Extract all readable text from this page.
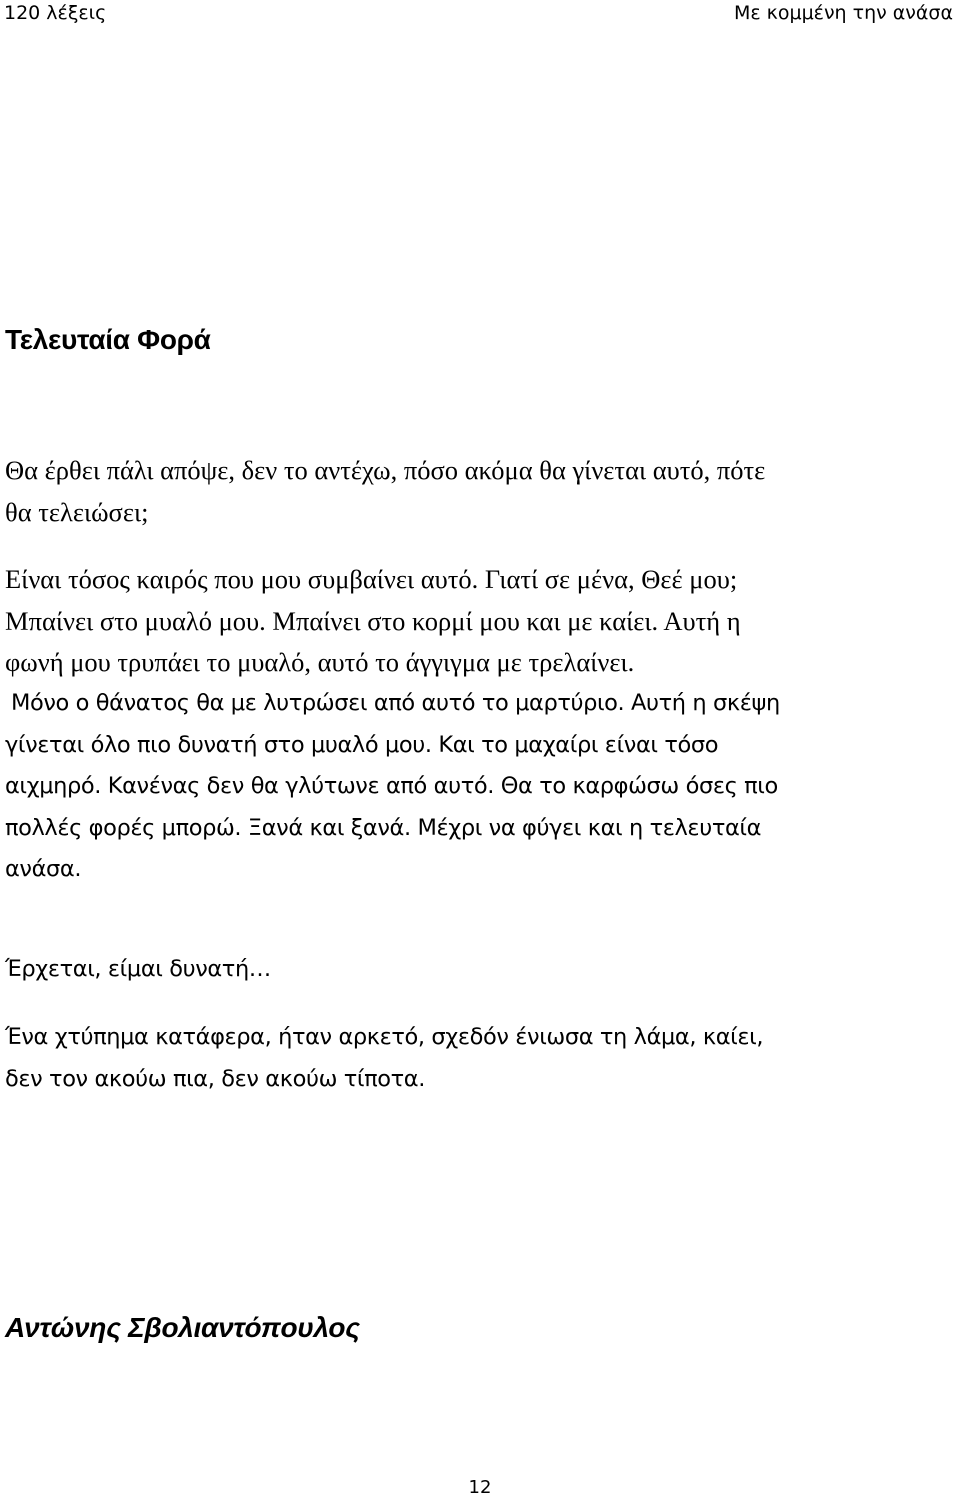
120 λέξεις	Με κομμένη την ανάσα
Τελευταία Φορά

Θα έρθει πάλι απόψε, δεν το αντέχω, πόσο ακόμα θα γίνεται αυτό, πότε
θα τελειώσει;

Είναι τόσος καιρός που μου συμβαίνει αυτό. Γιατί σε μένα, Θεέ μου;
Μπαίνει στο μυαλό μου. Μπαίνει στο κορμί μου και με καίει. Αυτή η
φωνή μου τρυπάει το μυαλό, αυτό το άγγιγμα με τρελαίνει.

Μόνο ο θάνατος θα με λυτρώσει από αυτό το μαρτύριο. Αυτή η σκέψη
γίνεται όλο πιο δυνατή στο μυαλό μου. Και το μαχαίρι είναι τόσο
αιχμηρό. Κανένας δεν θα γλύτωνε από αυτό. Θα το καρφώσω όσες πιο
πολλές φορές μπορώ. Ξανά και ξανά. Μέχρι να φύγει και η τελευταία
ανάσα.

Έρχεται, είμαι δυνατή…

Ένα χτύπημα κατάφερα, ήταν αρκετό, σχεδόν ένιωσα τη λάμα, καίει,
δεν τον ακούω πια, δεν ακούω τίποτα.

Αντώνης Σβολιαντόπουλος

12
